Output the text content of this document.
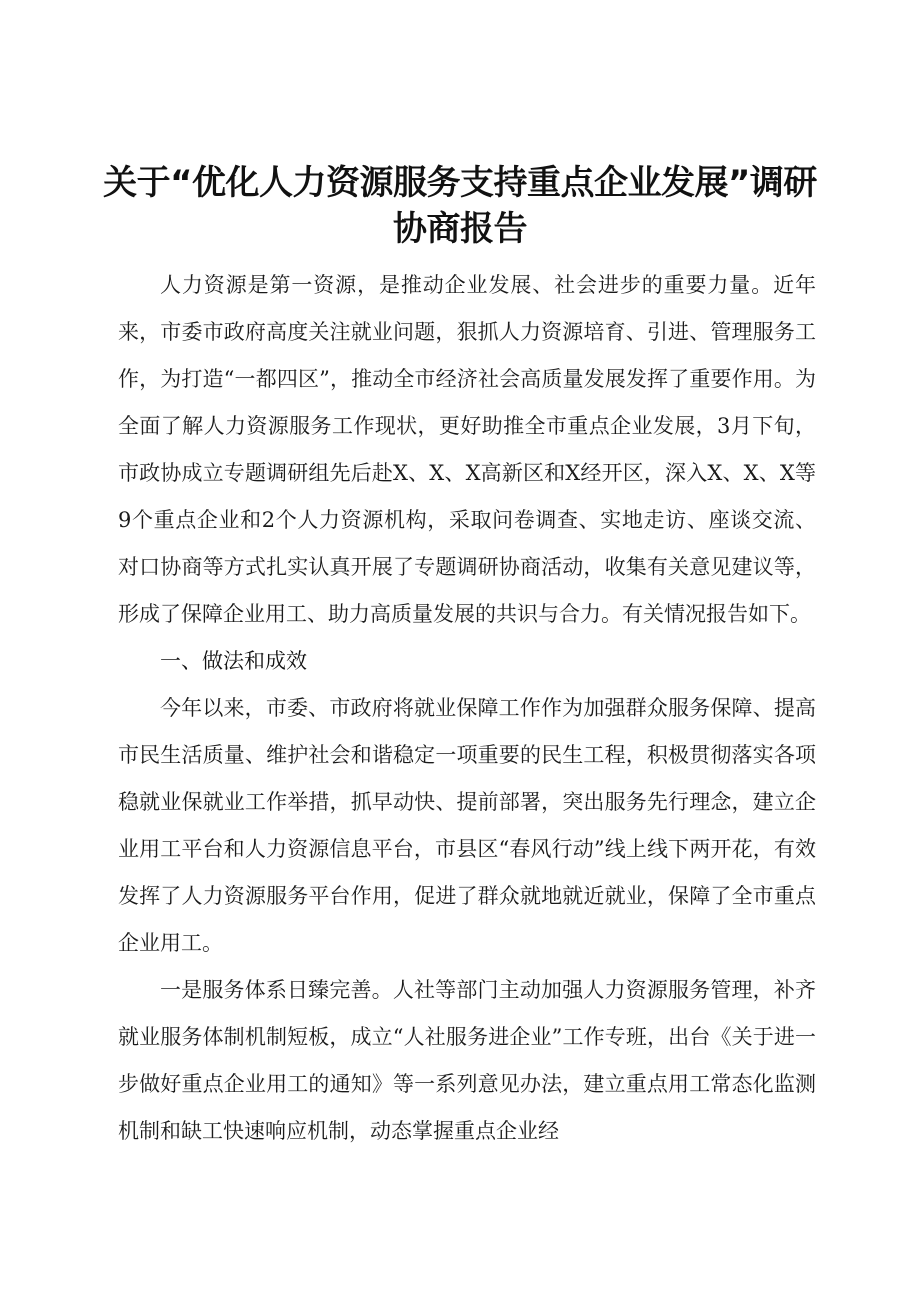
关于“优化人力资源服务支持重点企业发展”调研协商报告

人力资源是第一资源，是推动企业发展、社会进步的重要力量。近年来，市委市政府高度关注就业问题，狠抓人力资源培育、引进、管理服务工作，为打造“一都四区”，推动全市经济社会高质量发展发挥了重要作用。为全面了解人力资源服务工作现状，更好助推全市重点企业发展，3月下旬，市政协成立专题调研组先后赴X、X、X高新区和X经开区，深入X、X、X等9个重点企业和2个人力资源机构，采取问卷调查、实地走访、座谈交流、对口协商等方式扎实认真开展了专题调研协商活动，收集有关意见建议等，形成了保障企业用工、助力高质量发展的共识与合力。有关情况报告如下。

一、做法和成效

今年以来，市委、市政府将就业保障工作作为加强群众服务保障、提高市民生活质量、维护社会和谐稳定一项重要的民生工程，积极贯彻落实各项稳就业保就业工作举措，抓早动快、提前部署，突出服务先行理念，建立企业用工平台和人力资源信息平台，市县区“春风行动”线上线下两开花，有效发挥了人力资源服务平台作用，促进了群众就地就近就业，保障了全市重点企业用工。

一是服务体系日臻完善。人社等部门主动加强人力资源服务管理，补齐就业服务体制机制短板，成立“人社服务进企业”工作专班，出台《关于进一步做好重点企业用工的通知》等一系列意见办法，建立重点用工常态化监测机制和缺工快速响应机制，动态掌握重点企业经
